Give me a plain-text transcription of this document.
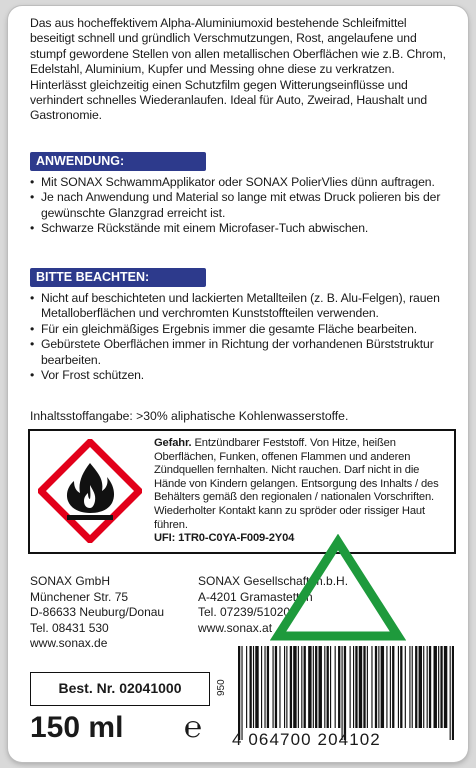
Das aus hocheffektivem Alpha-Aluminiumoxid bestehende Schleifmittel beseitigt schnell und gründlich Verschmutzungen, Rost, angelaufene und stumpf gewordene Stellen von allen metallischen Oberflächen wie z.B. Chrom, Edelstahl, Aluminium, Kupfer und Messing ohne diese zu verkratzen. Hinterlässt gleichzeitig einen Schutzfilm gegen Witterungseinflüsse und verhindert schnelles Wiederanlaufen. Ideal für Auto, Zweirad, Haushalt und Gastronomie.
ANWENDUNG:
• Mit SONAX SchwammApplikator oder SONAX PolierVlies dünn auftragen.
• Je nach Anwendung und Material so lange mit etwas Druck polieren bis der gewünschte Glanzgrad erreicht ist.
• Schwarze Rückstände mit einem Microfaser-Tuch abwischen.
BITTE BEACHTEN:
• Nicht auf beschichteten und lackierten Metallteilen (z. B. Alu-Felgen), rauen Metalloberflächen und verchromten Kunststoffteilen verwenden.
• Für ein gleichmäßiges Ergebnis immer die gesamte Fläche bearbeiten.
• Gebürstete Oberflächen immer in Richtung der vorhandenen Bürststruktur bearbeiten.
• Vor Frost schützen.
Inhaltsstoffangabe: >30% aliphatische Kohlenwasserstoffe.
Gefahr. Entzündbarer Feststoff. Von Hitze, heißen Oberflächen, Funken, offenen Flammen und anderen Zündquellen fernhalten. Nicht rauchen. Darf nicht in die Hände von Kindern gelangen. Entsorgung des Inhalts / des Behälters gemäß den regionalen / nationalen Vorschriften. Wiederholter Kontakt kann zu spröder oder rissiger Haut führen.
UFI: 1TR0-C0YA-F009-2Y04
SONAX GmbH
Münchener Str. 75
D-86633 Neuburg/Donau
Tel. 08431 530
www.sonax.de
SONAX Gesellschaft m.b.H.
A-4201 Gramastetten
Tel. 07239/51020
www.sonax.at
Best. Nr. 02041000	950
150 ml ℮ 4 064700 204102
